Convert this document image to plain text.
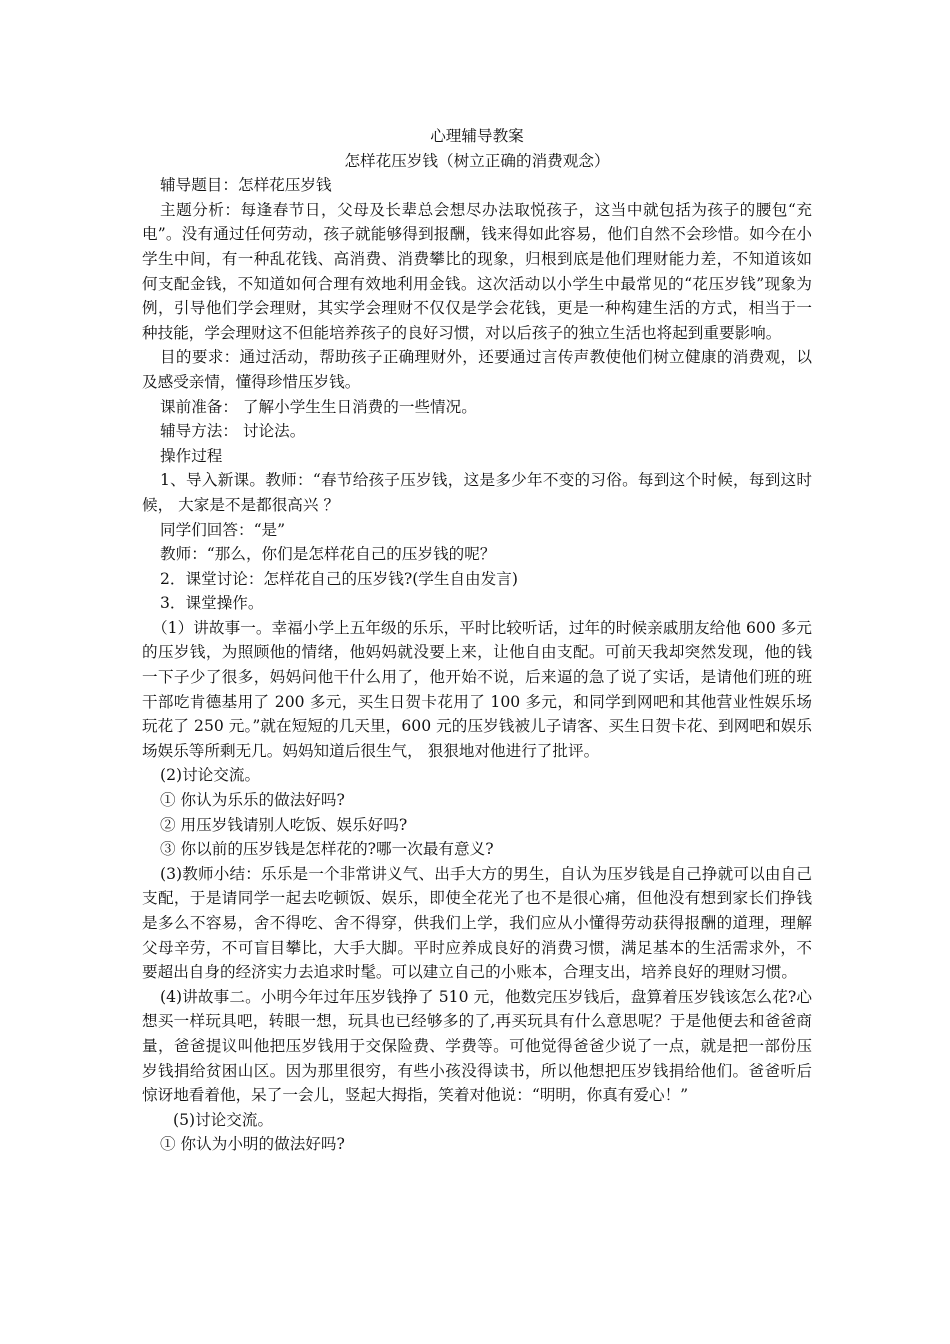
心理辅导教案
怎样花压岁钱（树立正确的消费观念）

辅导题目：怎样花压岁钱

主题分析：每逢春节日，父母及长辈总会想尽办法取悦孩子，这当中就包括为孩子的腰包“充电”。没有通过任何劳动，孩子就能够得到报酬，钱来得如此容易，他们自然不会珍惜。如今在小学生中间，有一种乱花钱、高消费、消费攀比的现象，归根到底是他们理财能力差，不知道该如何支配金钱，不知道如何合理有效地利用金钱。这次活动以小学生中最常见的“花压岁钱”现象为例，引导他们学会理财，其实学会理财不仅仅是学会花钱，更是一种构建生活的方式，相当于一种技能，学会理财这不但能培养孩子的良好习惯，对以后孩子的独立生活也将起到重要影响。

目的要求：通过活动，帮助孩子正确理财外，还要通过言传声教使他们树立健康的消费观，以及感受亲情，懂得珍惜压岁钱。

课前准备： 了解小学生生日消费的一些情况。

辅导方法： 讨论法。

操作过程

1、导入新课。教师：“春节给孩子压岁钱，这是多少年不变的习俗。每到这个时候，每到这时候， 大家是不是都很高兴 ？

同学们回答：“是”

教师：“那么，你们是怎样花自己的压岁钱的呢？

2．课堂讨论：怎样花自己的压岁钱?(学生自由发言)

3．课堂操作。

（1）讲故事一。幸福小学上五年级的乐乐，平时比较听话，过年的时候亲戚朋友给他 600 多元的压岁钱，为照顾他的情绪，他妈妈就没要上来，让他自由支配。可前天我却突然发现，他的钱一下子少了很多，妈妈问他干什么用了，他开始不说，后来逼的急了说了实话，是请他们班的班干部吃肯德基用了 200 多元，买生日贺卡花用了 100 多元，和同学到网吧和其他营业性娱乐场玩花了 250 元。”就在短短的几天里，600 元的压岁钱被儿子请客、买生日贺卡花、到网吧和娱乐场娱乐等所剩无几。妈妈知道后很生气， 狠狠地对他进行了批评。

(2)讨论交流。

① 你认为乐乐的做法好吗?

② 用压岁钱请别人吃饭、娱乐好吗?

③ 你以前的压岁钱是怎样花的?哪一次最有意义?

(3)教师小结：乐乐是一个非常讲义气、出手大方的男生，自认为压岁钱是自己挣就可以由自己支配，于是请同学一起去吃顿饭、娱乐，即使全花光了也不是很心痛，但他没有想到家长们挣钱是多么不容易，舍不得吃、舍不得穿，供我们上学，我们应从小懂得劳动获得报酬的道理，理解父母辛劳，不可盲目攀比，大手大脚。平时应养成良好的消费习惯，满足基本的生活需求外，不要超出自身的经济实力去追求时髦。可以建立自己的小账本，合理支出，培养良好的理财习惯。

(4)讲故事二。小明今年过年压岁钱挣了 510 元，他数完压岁钱后，盘算着压岁钱该怎么花?心想买一样玩具吧，转眼一想，玩具也已经够多的了,再买玩具有什么意思呢？于是他便去和爸爸商量，爸爸提议叫他把压岁钱用于交保险费、学费等。可他觉得爸爸少说了一点，就是把一部份压岁钱捐给贫困山区。因为那里很穷，有些小孩没得读书，所以他想把压岁钱捐给他们。爸爸听后惊讶地看着他，呆了一会儿，竖起大拇指，笑着对他说：“明明，你真有爱心！”

(5)讨论交流。

① 你认为小明的做法好吗?
